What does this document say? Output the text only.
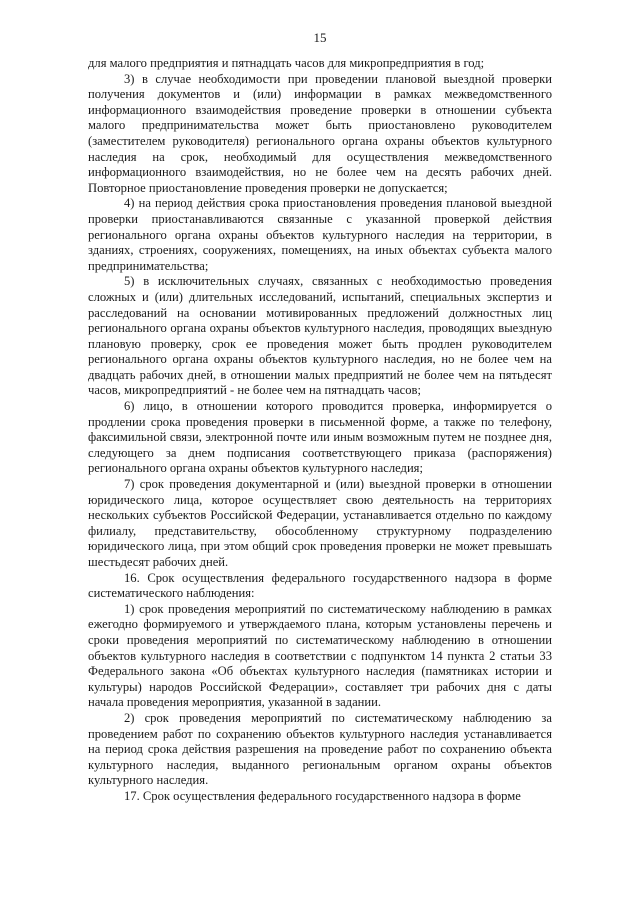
15

для малого предприятия и пятнадцать часов для микропредприятия в год;

3) в случае необходимости при проведении плановой выездной проверки получения документов и (или) информации в рамках межведомственного информационного взаимодействия проведение проверки в отношении субъекта малого предпринимательства может быть приостановлено руководителем (заместителем руководителя) регионального органа охраны объектов культурного наследия на срок, необходимый для осуществления межведомственного информационного взаимодействия, но не более чем на десять рабочих дней. Повторное приостановление проведения проверки не допускается;

4) на период действия срока приостановления проведения плановой выездной проверки приостанавливаются связанные с указанной проверкой действия регионального органа охраны объектов культурного наследия на территории, в зданиях, строениях, сооружениях, помещениях, на иных объектах субъекта малого предпринимательства;

5) в исключительных случаях, связанных с необходимостью проведения сложных и (или) длительных исследований, испытаний, специальных экспертиз и расследований на основании мотивированных предложений должностных лиц регионального органа охраны объектов культурного наследия, проводящих выездную плановую проверку, срок ее проведения может быть продлен руководителем регионального органа охраны объектов культурного наследия, но не более чем на двадцать рабочих дней, в отношении малых предприятий не более чем на пятьдесят часов, микропредприятий - не более чем на пятнадцать часов;

6) лицо, в отношении которого проводится проверка, информируется о продлении срока проведения проверки в письменной форме, а также по телефону, факсимильной связи, электронной почте или иным возможным путем не позднее дня, следующего за днем подписания соответствующего приказа (распоряжения) регионального органа охраны объектов культурного наследия;

7) срок проведения документарной и (или) выездной проверки в отношении юридического лица, которое осуществляет свою деятельность на территориях нескольких субъектов Российской Федерации, устанавливается отдельно по каждому филиалу, представительству, обособленному структурному подразделению юридического лица, при этом общий срок проведения проверки не может превышать шестьдесят рабочих дней.

16. Срок осуществления федерального государственного надзора в форме систематического наблюдения:

1) срок проведения мероприятий по систематическому наблюдению в рамках ежегодно формируемого и утверждаемого плана, которым установлены перечень и сроки проведения мероприятий по систематическому наблюдению в отношении объектов культурного наследия в соответствии с подпунктом 14 пункта 2 статьи 33 Федерального закона «Об объектах культурного наследия (памятниках истории и культуры) народов Российской Федерации», составляет три рабочих дня с даты начала проведения мероприятия, указанной в задании.

2) срок проведения мероприятий по систематическому наблюдению за проведением работ по сохранению объектов культурного наследия устанавливается на период срока действия разрешения на проведение работ по сохранению объекта культурного наследия, выданного региональным органом охраны объектов культурного наследия.

17. Срок осуществления федерального государственного надзора в форме
